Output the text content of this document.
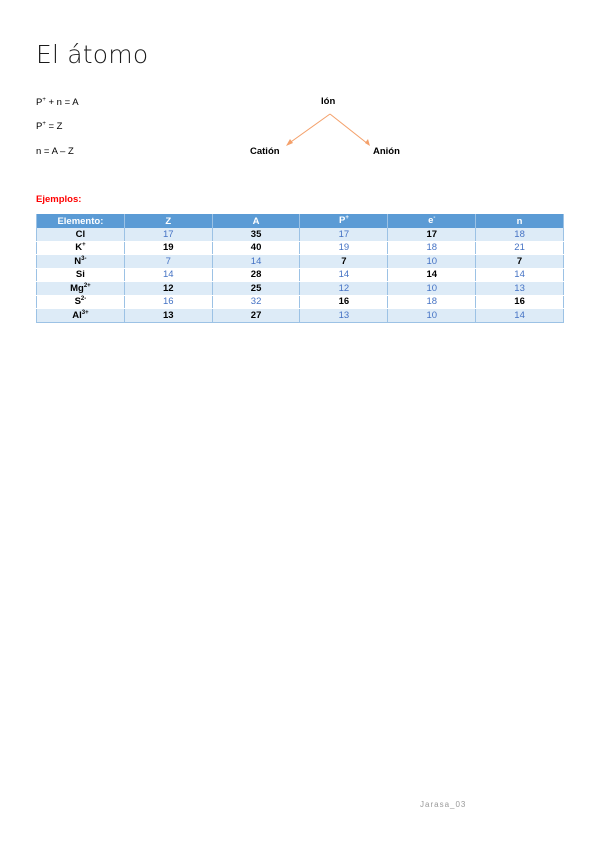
El átomo
P+ + n = A
P+ = Z
n = A – Z
Ión
Catión	Anión
Ejemplos:
Elemento:	Z	A	P+	e-	n
Cl	17	35	17	17	18
K+	19	40	19	18	21
$N^{3-}$	7	14	7	10	7
Si	14	28	14	14	14
$Mg^{2+}$	12	25	12	10	13
$S^{2-}$	16	32	16	18	16
$Al^{3+}$	13	27	13	10	14
Jarasa_03
